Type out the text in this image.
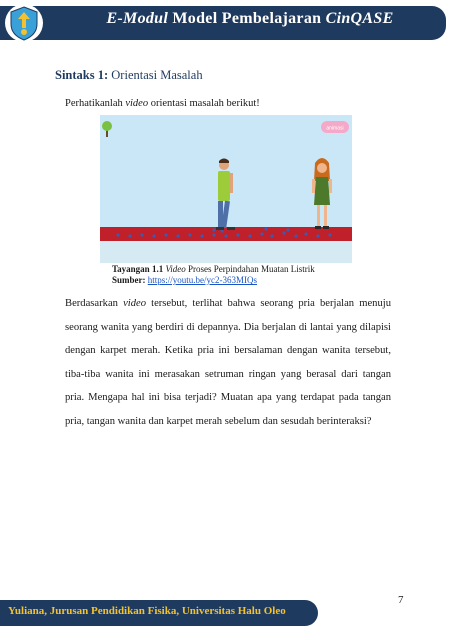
E-Modul Model Pembelajaran CinQASE
Sintaks 1: Orientasi Masalah
Perhatikanlah video orientasi masalah berikut!
animasi
Tayangan 1.1 Video Proses Perpindahan Muatan Listrik
Sumber: https://youtu.be/yc2-363MIQs
Berdasarkan video tersebut, terlihat bahwa seorang pria berjalan menuju seorang wanita yang berdiri di depannya. Dia berjalan di lantai yang dilapisi dengan karpet merah. Ketika pria ini bersalaman dengan wanita tersebut, tiba-tiba wanita ini merasakan setruman ringan yang berasal dari tangan pria. Mengapa hal ini bisa terjadi? Muatan apa yang terdapat pada tangan pria, tangan wanita dan karpet merah sebelum dan sesudah berinteraksi?
7
Yuliana, Jurusan Pendidikan Fisika, Universitas Halu Oleo
